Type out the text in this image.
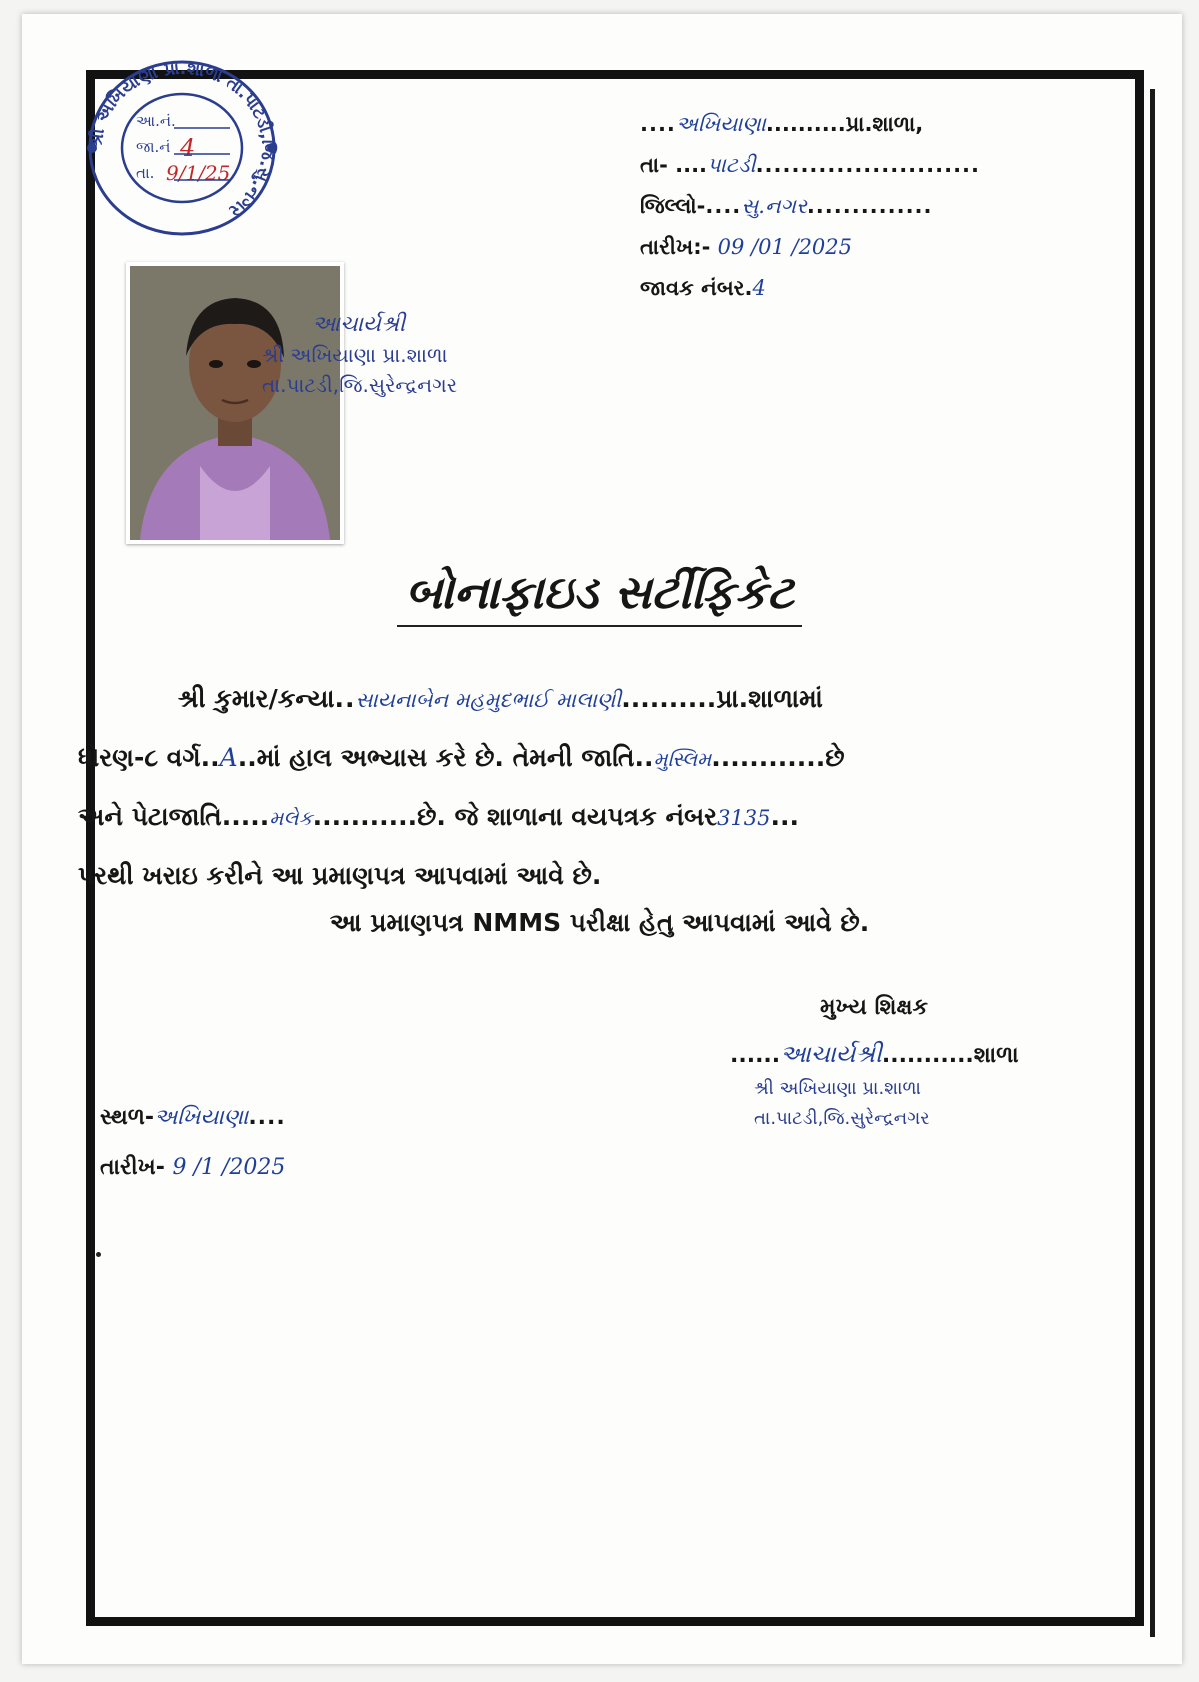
શ્રી અખિયાણા પ્રા.શાળા તા.પાટડી,જિ.સુ.નગર
આ.નં.
જા.નં 4
તા. 9/1/25
....અખિયાણા..........પ્રા.શાળા,
તા- ....પાટડી.........................
જિલ્લો-....સુ.નગર..............
તારીખ:- 09 /01 /2025
જાવક નંબર.4
આચાર્યશ્રી
શ્રી અખિયાણા પ્રા.શાળા
તા.પાટડી,જિ.સુરેન્દ્રનગર
બોનાફાઇડ સર્ટીફિકેટ

શ્રી કુમાર/કન્યા..સાયનાબેન મહમુદભાઈ માલાણી..........પ્રા.શાળામાં

ધોરણ-૮ વર્ગ..A..માં હાલ અભ્યાસ કરે છે. તેમની જાતિ..મુસ્લિમ............છે

અને પેટાજાતિ.....મલેક...........છે. જે શાળાના વયપત્રક નંબર3135...

પરથી ખરાઇ કરીને આ પ્રમાણપત્ર આપવામાં આવે છે.

આ પ્રમાણપત્ર NMMS પરીક્ષા હેતુ આપવામાં આવે છે.
મુખ્ય શિક્ષક
......આચાર્યશ્રી...........શાળા
શ્રી અખિયાણા પ્રા.શાળા
તા.પાટડી,જિ.સુરેન્દ્રનગર
સ્થળ-અખિયાણા....
તારીખ- 9 /1 /2025
